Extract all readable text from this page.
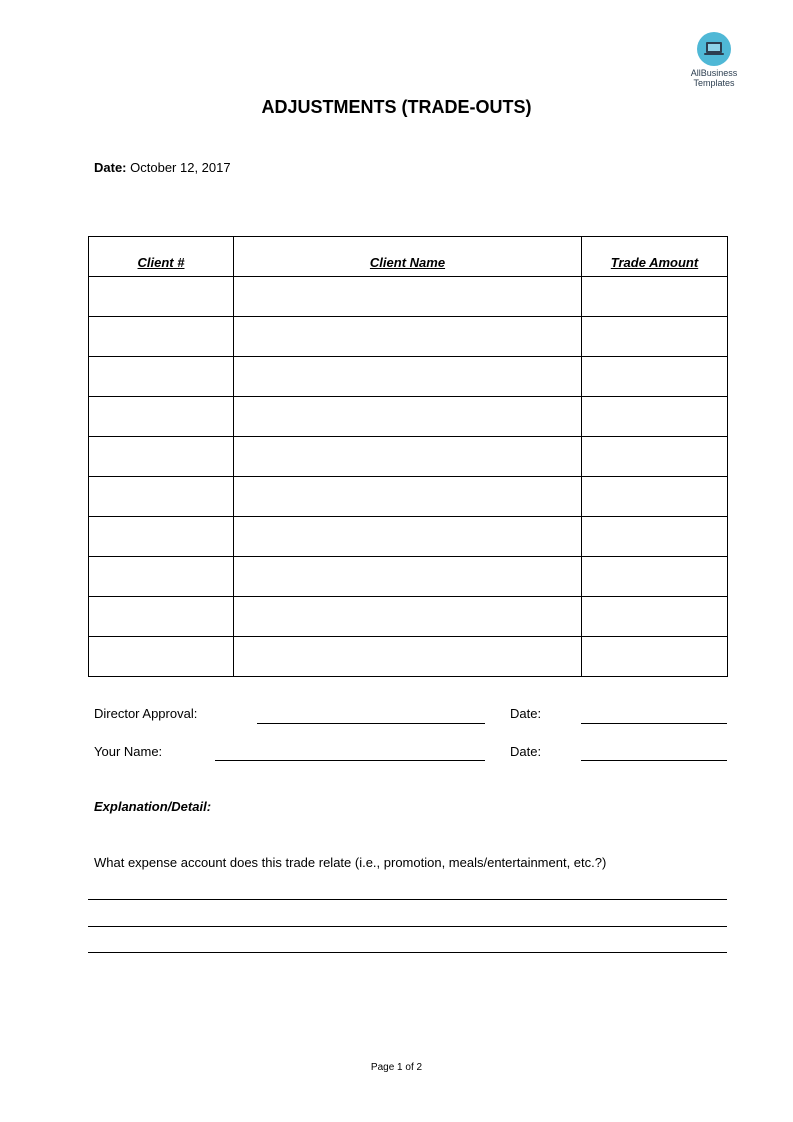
AllBusiness
Templates
ADJUSTMENTS (TRADE-OUTS)
Date: October 12, 2017
Client #	Client Name	Trade Amount

Director Approval:	Date:
Your Name:	Date:
Explanation/Detail:
What expense account does this trade relate (i.e., promotion, meals/entertainment, etc.?)
Page 1 of 2
